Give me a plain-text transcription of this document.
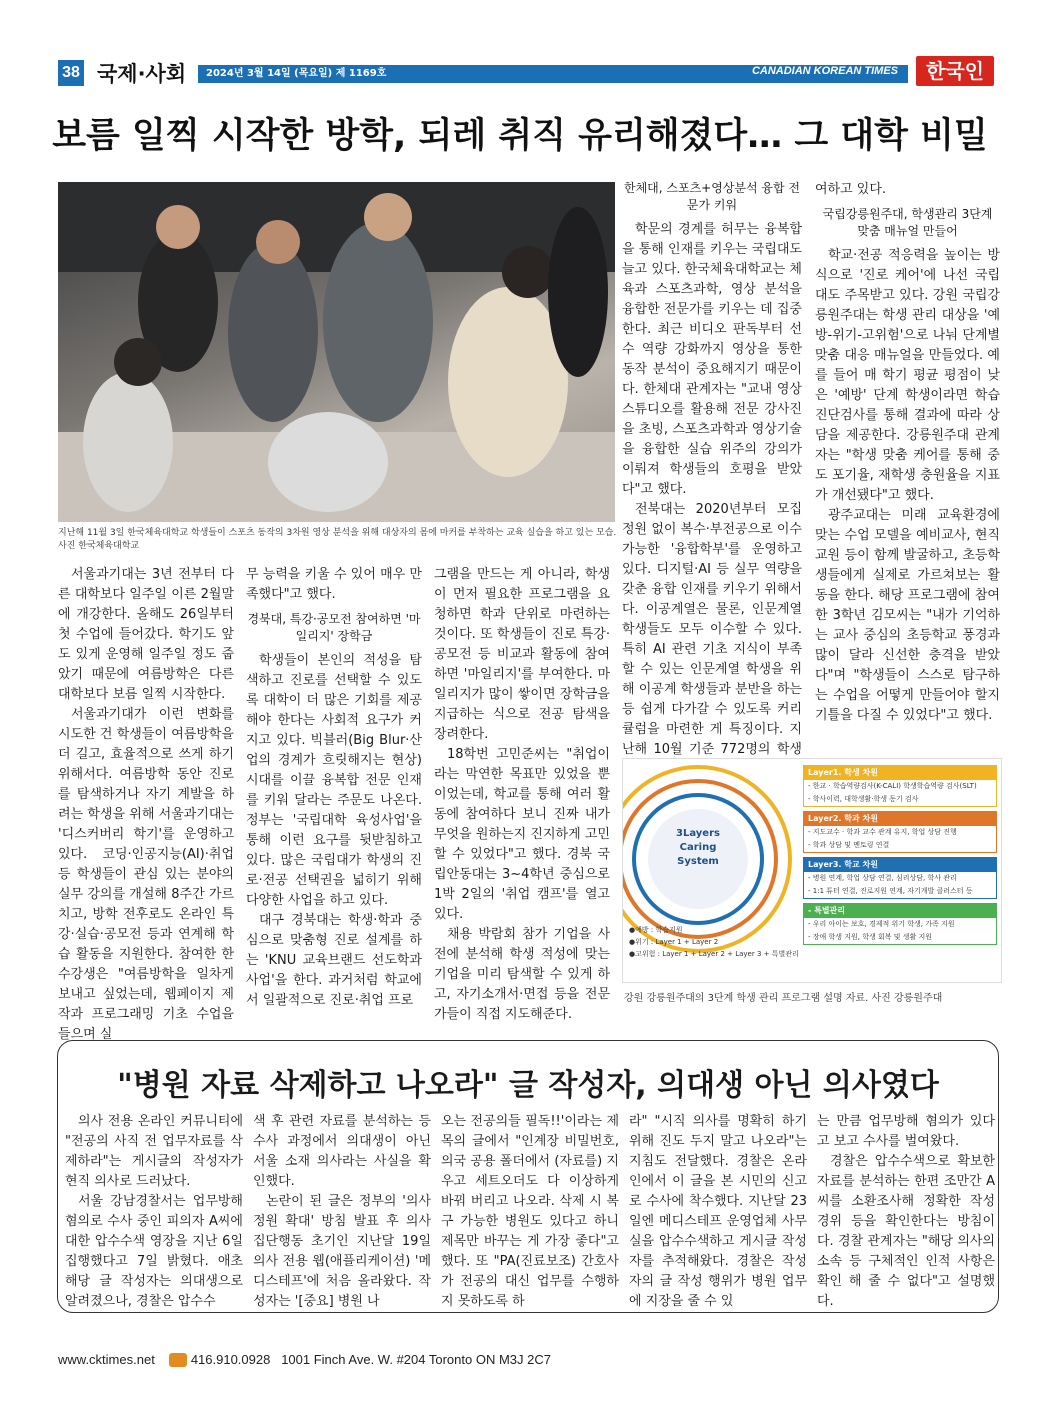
38 국제·사회	2024년 3월 14일 (목요일) 제 1169호	CANADIAN KOREAN TIMES	한국인
보름 일찍 시작한 방학, 되레 취직 유리해졌다… 그 대학 비밀
지난해 11월 3일 한국체육대학교 학생들이 스포츠 동작의 3차원 영상 분석을 위해 대상자의 몸에 마커를 부착하는 교육 실습을 하고 있는 모습. 사진 한국체육대학교

서울과기대는 3년 전부터 다른 대학보다 일주일 이른 2월말에 개강한다. 올해도 26일부터 첫 수업에 들어갔다. 학기도 앞도 있게 운영해 일주일 정도 줍았기 때문에 여름방학은 다른 대학보다 보름 일찍 시작한다.

서울과기대가 이런 변화를 시도한 건 학생들이 여름방학을 더 길고, 효율적으로 쓰게 하기 위해서다. 여름방학 동안 진로를 탐색하거나 자기 계발을 하려는 학생을 위해 서울과기대는 '디스커버리 학기'를 운영하고 있다. 코딩·인공지능(AI)·취업 등 학생들이 관심 있는 분야의 실무 강의를 개설해 8주간 가르치고, 방학 전후로도 온라인 특강·실습·공모전 등과 연계해 학습 활동을 지원한다. 참여한 한 수강생은 "여름방학을 일차게 보내고 싶었는데, 웹페이지 제작과 프로그래밍 기초 수업을 들으며 실

무 능력을 키울 수 있어 매우 만족했다"고 했다.

경북대, 특강·공모전 참여하면 '마일리지' 장학금

학생들이 본인의 적성을 탐색하고 진로를 선택할 수 있도록 대학이 더 많은 기회를 제공해야 한다는 사회적 요구가 커지고 있다. 빅블러(Big Blur·산업의 경계가 흐릿해지는 현상) 시대를 이끌 융복합 전문 인재를 키워 달라는 주문도 나온다. 정부는 '국립대학 육성사업'을 통해 이런 요구를 뒷받침하고 있다. 많은 국립대가 학생의 진로·전공 선택권을 넓히기 위해 다양한 사업을 하고 있다.

대구 경북대는 학생·학과 중심으로 맞춤형 진로 설계를 하는 'KNU 교육브랜드 선도학과 사업'을 한다. 과거처럼 학교에서 일괄적으로 진로·취업 프로

그램을 만드는 게 아니라, 학생이 먼저 필요한 프로그램을 요청하면 학과 단위로 마련하는 것이다. 또 학생들이 진로 특강·공모전 등 비교과 활동에 참여하면 '마일리지'를 부여한다. 마일리지가 많이 쌓이면 장학금을 지급하는 식으로 전공 탐색을 장려한다.

18학번 고민준씨는 "취업이라는 막연한 목표만 있었을 뿐이었는데, 학교를 통해 여러 활동에 참여하다 보니 진짜 내가 무엇을 원하는지 진지하게 고민할 수 있었다"고 했다. 경북 국립안동대는 3~4학년 중심으로 1박 2일의 '취업 캠프'를 열고 있다.

채용 박람회 참가 기업을 사전에 분석해 학생 적성에 맞는 기업을 미리 탐색할 수 있게 하고, 자기소개서·면접 등을 전문가들이 직접 지도해준다.

한체대, 스포츠+영상분석 융합 전문가 키워

학문의 경계를 허무는 융복합을 통해 인재를 키우는 국립대도 늘고 있다. 한국체육대학교는 체육과 스포츠과학, 영상 분석을 융합한 전문가를 키우는 데 집중한다. 최근 비디오 판독부터 선수 역량 강화까지 영상을 통한 동작 분석이 중요해지기 때문이다. 한체대 관계자는 "교내 영상 스튜디오를 활용해 전문 강사진을 초빙, 스포츠과학과 영상기술을 융합한 실습 위주의 강의가 이뤄져 학생들의 호평을 받았다"고 했다.

전북대는 2020년부터 모집 정원 없이 복수·부전공으로 이수 가능한 '융합학부'를 운영하고 있다. 디지털·AI 등 실무 역량을 갖춘 융합 인재를 키우기 위해서다. 이공계열은 물론, 인문계열 학생들도 모두 이수할 수 있다. 특히 AI 관련 기초 지식이 부족할 수 있는 인문계열 학생을 위해 이공계 학생들과 분반을 하는 등 쉽게 다가갈 수 있도록 커리큘럼을 마련한 게 특징이다. 지난해 10월 기준 772명의 학생

여하고 있다.

국립강릉원주대, 학생관리 3단계 맞춤 매뉴얼 만들어

학교·전공 적응력을 높이는 방식으로 '진로 케어'에 나선 국립대도 주목받고 있다. 강원 국립강릉원주대는 학생 관리 대상을 '예방-위기-고위험'으로 나눠 단계별 맞춤 대응 매뉴얼을 만들었다. 예를 들어 매 학기 평균 평점이 낮은 '예방' 단계 학생이라면 학습 진단검사를 통해 결과에 따라 상담을 제공한다. 강릉원주대 관계자는 "학생 맞춤 케어를 통해 중도 포기율, 재학생 충원율을 지표가 개선됐다"고 했다.

광주교대는 미래 교육환경에 맞는 수업 모델을 예비교사, 현직 교원 등이 함께 발굴하고, 초등학생들에게 실제로 가르쳐보는 활동을 한다. 해당 프로그램에 참여한 3학년 김모씨는 "내가 기억하는 교사 중심의 초등학교 풍경과 많이 달라 신선한 충격을 받았다"며 "학생들이 스스로 탐구하는 수업을 어떻게 만들어야 할지 기틀을 다질 수 있었다"고 했다.

3Layers Caring System
Layer1. 학생 차원
- 한교 · 학습역량검사(K-CALI) 학생학습역량 검사(SLT)
- 학사이력, 대학생활·학생 동기 검사
Layer2. 학과 차원
- 지도교수 · 학과 교수 관계 유지, 학업 상담 진행
- 학과 상담 및 멘토링 연결
Layer3. 학교 차원
- 병원 연계, 학업 상담 연결, 심리상담, 학사 관리
- 1:1 튜터 연결, 진로지원 연계, 자기개발 클러스터 등
- 특별관리
- 우리 아이는 보호, 경제적 위기 학생, 가족 지원
- 장애 학생 지원, 학생 회복 및 생활 지원
●예방 : 학습지원
●위기 : Layer 1 + Layer 2
●고위험 : Layer 1 + Layer 2 + Layer 3 + 특별관리
강원 강릉원주대의 3단계 학생 관리 프로그램 설명 자료. 사진 강릉원주대
"병원 자료 삭제하고 나오라" 글 작성자, 의대생 아닌 의사였다

의사 전용 온라인 커뮤니티에 "전공의 사직 전 업무자료를 삭제하라"는 게시글의 작성자가 현직 의사로 드러났다.

서울 강남경찰서는 업무방해 혐의로 수사 중인 피의자 A씨에 대한 압수수색 영장을 지난 6일 집행했다고 7일 밝혔다. 애초 해당 글 작성자는 의대생으로 알려졌으나, 경찰은 압수수

색 후 관련 자료를 분석하는 등 수사 과정에서 의대생이 아닌 서울 소재 의사라는 사실을 확인했다.

논란이 된 글은 정부의 '의사 정원 확대' 방침 발표 후 의사 집단행동 초기인 지난달 19일 의사 전용 웹(애플리케이션) '메디스테프'에 처음 올라왔다. 작성자는 '[중요] 병원 나

오는 전공의들 필독!!'이라는 제목의 글에서 "인계장 비밀번호, 의국 공용 폴더에서 (자료를) 지우고 세트오더도 다 이상하게 바꿔 버리고 나오라. 삭제 시 복구 가능한 병원도 있다고 하니 제목만 바꾸는 게 가장 좋다"고 했다. 또 "PA(진료보조) 간호사가 전공의 대신 업무를 수행하지 못하도록 하

라" "시직 의사를 명확히 하기 위해 진도 두지 말고 나오라"는 지침도 전달했다. 경찰은 온라인에서 이 글을 본 시민의 신고로 수사에 착수했다. 지난달 23일엔 메디스테프 운영업체 사무실을 압수수색하고 게시글 작성자를 추적해왔다. 경찰은 작성자의 글 작성 행위가 병원 업무에 지장을 줄 수 있

는 만큼 업무방해 혐의가 있다고 보고 수사를 벌여왔다.

경찰은 압수수색으로 확보한 자료를 분석하는 한편 조만간 A씨를 소환조사해 정확한 작성 경위 등을 확인한다는 방침이다. 경찰 관계자는 "해당 의사의 소속 등 구체적인 인적 사항은 확인 해 줄 수 없다"고 설명했다.

www.cktimes.net	416.910.0928 1001 Finch Ave. W. #204 Toronto ON M3J 2C7
